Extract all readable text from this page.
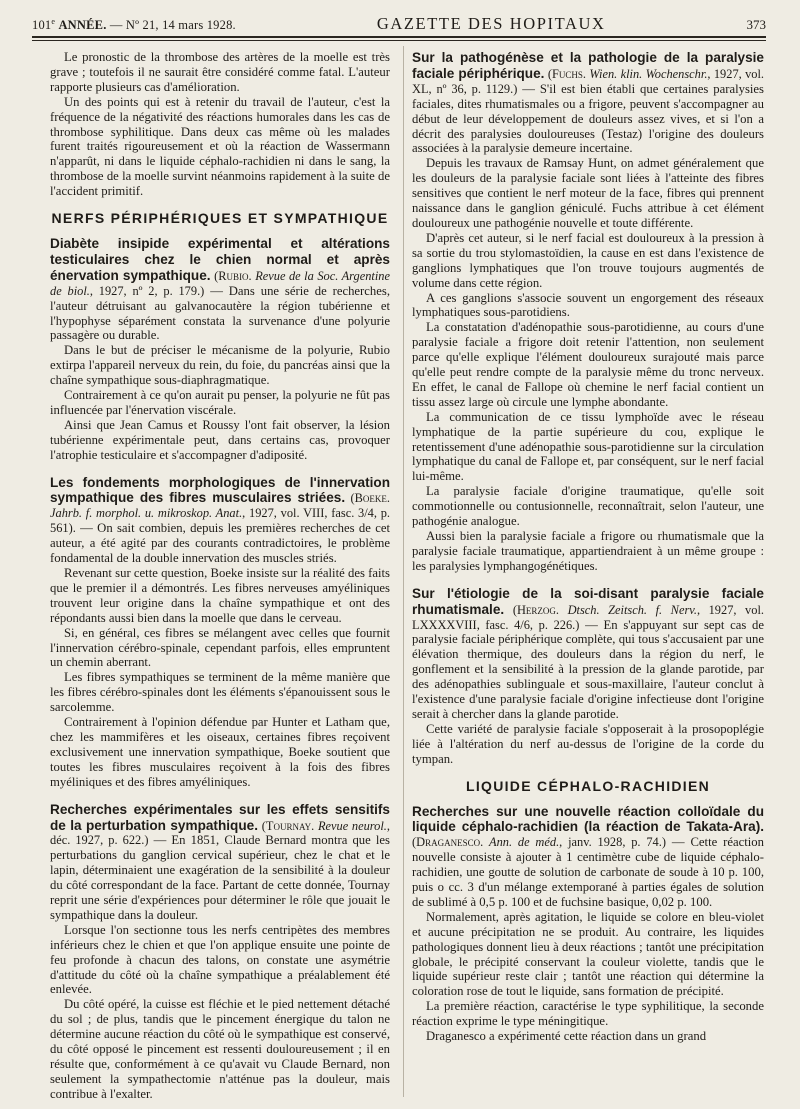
101e ANNÉE. — Nº 21, 14 mars 1928.	GAZETTE DES HOPITAUX	373

Le pronostic de la thrombose des artères de la moelle est très grave ; toutefois il ne saurait être considéré comme fatal. L'auteur rapporte plusieurs cas d'amélioration.

Un des points qui est à retenir du travail de l'auteur, c'est la fréquence de la négativité des réactions humorales dans les cas de thrombose syphilitique. Dans deux cas même où les malades furent traités rigoureusement et où la réaction de Wassermann n'apparût, ni dans le liquide céphalo-rachidien ni dans le sang, la thrombose de la moelle survint néanmoins rapidement à la suite de l'accident primitif.

NERFS PÉRIPHÉRIQUES ET SYMPATHIQUE

Diabète insipide expérimental et altérations testiculaires chez le chien normal et après énervation sympathique. (Rubio. Revue de la Soc. Argentine de biol., 1927, nº 2, p. 179.) — Dans une série de recherches, l'auteur détruisant au galvanocautère la région tubérienne et l'hypophyse séparément constata la survenance d'une polyurie passagère ou durable.

Dans le but de préciser le mécanisme de la polyurie, Rubio extirpa l'appareil nerveux du rein, du foie, du pancréas ainsi que la chaîne sympathique sous-diaphragmatique.

Contrairement à ce qu'on aurait pu penser, la polyurie ne fût pas influencée par l'énervation viscérale.

Ainsi que Jean Camus et Roussy l'ont fait observer, la lésion tubérienne expérimentale peut, dans certains cas, provoquer l'atrophie testiculaire et s'accompagner d'adiposité.

Les fondements morphologiques de l'innervation sympathique des fibres musculaires striées. (Boeke. Jahrb. f. morphol. u. mikroskop. Anat., 1927, vol. VIII, fasc. 3/4, p. 561). — On sait combien, depuis les premières recherches de cet auteur, a été agité par des courants contradictoires, le problème fondamental de la double innervation des muscles striés.

Revenant sur cette question, Boeke insiste sur la réalité des faits que le premier il a démontrés. Les fibres nerveuses amyéliniques trouvent leur origine dans la chaîne sympathique et ont des répondants aussi bien dans la moelle que dans le cerveau.

Si, en général, ces fibres se mélangent avec celles que fournit l'innervation cérébro-spinale, cependant parfois, elles empruntent un chemin aberrant.

Les fibres sympathiques se terminent de la même manière que les fibres cérébro-spinales dont les éléments s'épanouissent sous le sarcolemme.

Contrairement à l'opinion défendue par Hunter et Latham que, chez les mammifères et les oiseaux, certaines fibres reçoivent exclusivement une innervation sympathique, Boeke soutient que toutes les fibres musculaires reçoivent à la fois des fibres myéliniques et des fibres amyéliniques.

Recherches expérimentales sur les effets sensitifs de la perturbation sympathique. (Tournay. Revue neurol., déc. 1927, p. 622.) — En 1851, Claude Bernard montra que les perturbations du ganglion cervical supérieur, chez le chat et le lapin, déterminaient une exagération de la sensibilité à la douleur du côté correspondant de la face. Partant de cette donnée, Tournay reprit une série d'expériences pour déterminer le rôle que jouait le sympathique dans la douleur.

Lorsque l'on sectionne tous les nerfs centripètes des membres inférieurs chez le chien et que l'on applique ensuite une pointe de feu profonde à chacun des talons, on constate une asymétrie d'attitude du côté où la chaîne sympathique a préalablement été enlevée.

Du côté opéré, la cuisse est fléchie et le pied nettement détaché du sol ; de plus, tandis que le pincement énergique du talon ne détermine aucune réaction du côté où le sympathique est conservé, du côté opposé le pincement est ressenti douloureusement ; il en résulte que, conformément à ce qu'avait vu Claude Bernard, non seulement la sympathectomie n'atténue pas la douleur, mais contribue à l'exalter.

Sur la pathogénèse et la pathologie de la paralysie faciale périphérique. (Fuchs. Wien. klin. Wochenschr., 1927, vol. XL, nº 36, p. 1129.) — S'il est bien établi que certaines paralysies faciales, dites rhumatismales ou a frigore, peuvent s'accompagner au début de leur développement de douleurs assez vives, et si l'on a décrit des paralysies douloureuses (Testaz) l'origine des douleurs associées à la paralysie demeure incertaine.

Depuis les travaux de Ramsay Hunt, on admet généralement que les douleurs de la paralysie faciale sont liées à l'atteinte des fibres sensitives que contient le nerf moteur de la face, fibres qui prennent naissance dans le ganglion géniculé. Fuchs attribue à cet élément douloureux une pathogénie nouvelle et toute différente.

D'après cet auteur, si le nerf facial est douloureux à la pression à sa sortie du trou stylomastoïdien, la cause en est dans l'existence de ganglions lymphatiques que l'on trouve toujours augmentés de volume dans cette région.

A ces ganglions s'associe souvent un engorgement des réseaux lymphatiques sous-parotidiens.

La constatation d'adénopathie sous-parotidienne, au cours d'une paralysie faciale a frigore doit retenir l'attention, non seulement parce qu'elle explique l'élément douloureux surajouté mais parce qu'elle peut rendre compte de la paralysie même du tronc nerveux. En effet, le canal de Fallope où chemine le nerf facial contient un tissu assez large où circule une lymphe abondante.

La communication de ce tissu lymphoïde avec le réseau lymphatique de la partie supérieure du cou, explique le retentissement d'une adénopathie sous-parotidienne sur la circulation lymphatique du canal de Fallope et, par conséquent, sur le nerf facial lui-même.

La paralysie faciale d'origine traumatique, qu'elle soit commotionnelle ou contusionnelle, reconnaîtrait, selon l'auteur, une pathogénie analogue.

Aussi bien la paralysie faciale a frigore ou rhumatismale que la paralysie faciale traumatique, appartiendraient à un même groupe : les paralysies lymphangogénétiques.

Sur l'étiologie de la soi-disant paralysie faciale rhumatismale. (Herzog. Dtsch. Zeitsch. f. Nerv., 1927, vol. LXXXXVIII, fasc. 4/6, p. 226.) — En s'appuyant sur sept cas de paralysie faciale périphérique complète, qui tous s'accusaient par une élévation thermique, des douleurs dans la région du nerf, le gonflement et la sensibilité à la pression de la glande parotide, par des adénopathies sublinguale et sous-maxillaire, l'auteur conclut à l'existence d'une paralysie faciale d'origine infectieuse dont l'origine serait à chercher dans la glande parotide.

Cette variété de paralysie faciale s'opposerait à la prosopoplégie liée à l'altération du nerf au-dessus de l'origine de la corde du tympan.

LIQUIDE CÉPHALO-RACHIDIEN

Recherches sur une nouvelle réaction colloïdale du liquide céphalo-rachidien (la réaction de Takata-Ara). (Draganesco. Ann. de méd., janv. 1928, p. 74.) — Cette réaction nouvelle consiste à ajouter à 1 centimètre cube de liquide céphalo-rachidien, une goutte de solution de carbonate de soude à 10 p. 100, puis o cc. 3 d'un mélange extemporané à parties égales de solution de sublimé à 0,5 p. 100 et de fuchsine basique, 0,02 p. 100.

Normalement, après agitation, le liquide se colore en bleu-violet et aucune précipitation ne se produit. Au contraire, les liquides pathologiques donnent lieu à deux réactions ; tantôt une précipitation globale, le précipité conservant la couleur violette, tandis que le liquide supérieur reste clair ; tantôt une réaction qui détermine la coloration rose de tout le liquide, sans formation de précipité.

La première réaction, caractérise le type syphilitique, la seconde réaction exprime le type méningitique.

Draganesco a expérimenté cette réaction dans un grand
